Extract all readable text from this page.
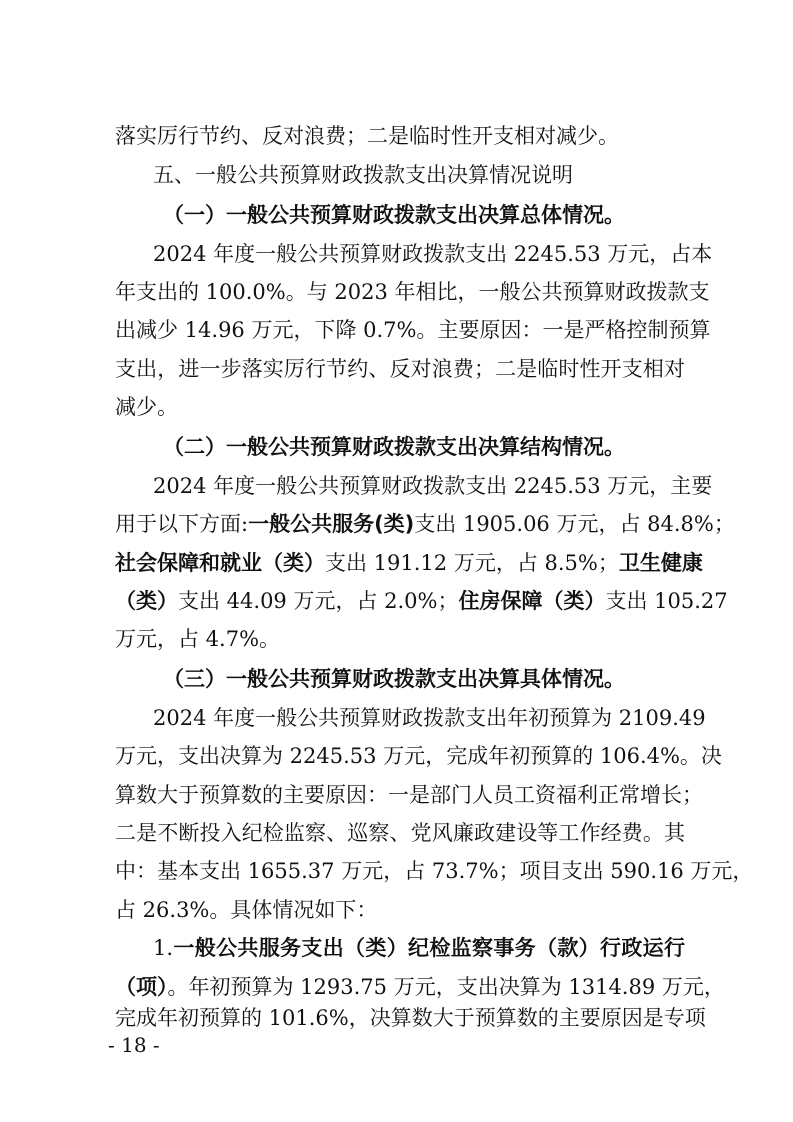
落实厉行节约、反对浪费；二是临时性开支相对减少。
五、一般公共预算财政拨款支出决算情况说明
（一）一般公共预算财政拨款支出决算总体情况。
2024 年度一般公共预算财政拨款支出 2245.53 万元，占本
年支出的 100.0%。与 2023 年相比，一般公共预算财政拨款支
出减少 14.96 万元，下降 0.7%。主要原因：一是严格控制预算
支出，进一步落实厉行节约、反对浪费；二是临时性开支相对
减少。
（二）一般公共预算财政拨款支出决算结构情况。
2024 年度一般公共预算财政拨款支出 2245.53 万元，主要
用于以下方面:一般公共服务(类)支出 1905.06 万元，占 84.8%；
社会保障和就业（类）支出 191.12 万元，占 8.5%；卫生健康
（类）支出 44.09 万元，占 2.0%；住房保障（类）支出 105.27
万元，占 4.7%。
（三）一般公共预算财政拨款支出决算具体情况。
2024 年度一般公共预算财政拨款支出年初预算为 2109.49
万元，支出决算为 2245.53 万元，完成年初预算的 106.4%。决
算数大于预算数的主要原因：一是部门人员工资福利正常增长；
二是不断投入纪检监察、巡察、党风廉政建设等工作经费。其
中：基本支出 1655.37 万元，占 73.7%；项目支出 590.16 万元，
占 26.3%。具体情况如下：
1.一般公共服务支出（类）纪检监察事务（款）行政运行
（项）。年初预算为 1293.75 万元，支出决算为 1314.89 万元，
完成年初预算的 101.6%，决算数大于预算数的主要原因是专项
- 18 -
